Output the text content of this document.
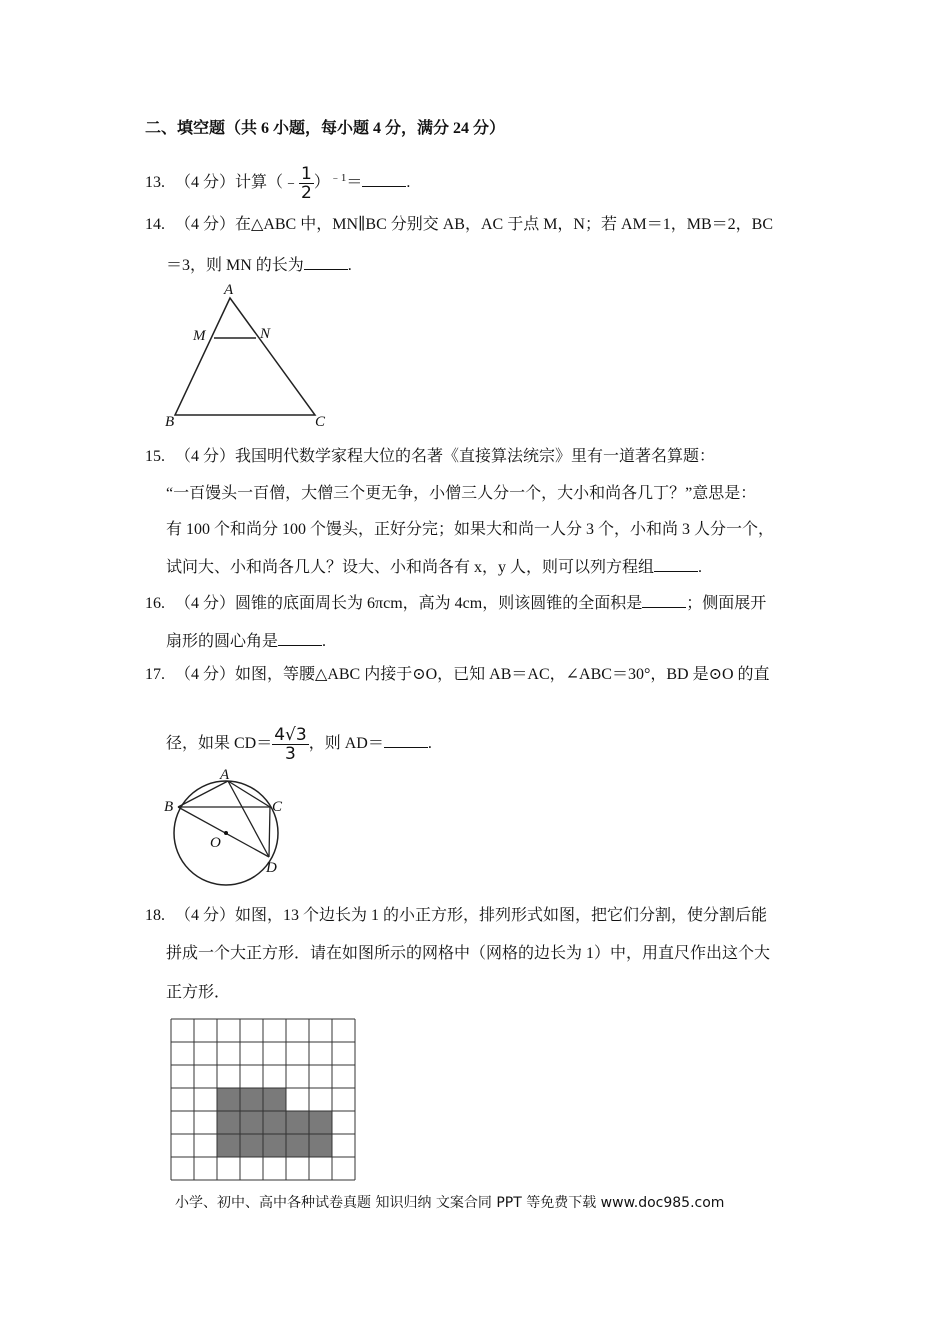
二、填空题（共 6 小题，每小题 4 分，满分 24 分）
13. （4 分）计算（﹣ $\frac{1}{2} )^{﹣1}=$	.
14. （4 分）在△ABC 中，MN∥BC 分别交 AB，AC 于点 M，N；若 AM＝1，MB＝2，BC
＝3，则 MN 的长为	.
A
M	N
B	C
15. （4 分）我国明代数学家程大位的名著《直接算法统宗》里有一道著名算题：
“一百馒头一百僧，大僧三个更无争，小僧三人分一个，大小和尚各几丁？”意思是：
有 100 个和尚分 100 个馒头，正好分完；如果大和尚一人分 3 个，小和尚 3 人分一个，
试问大、小和尚各几人？设大、小和尚各有 x，y 人，则可以列方程组	.
16. （4 分）圆锥的底面周长为 6πcm，高为 4cm，则该圆锥的全面积是	；侧面展开
扇形的圆心角是	.
17. （4 分）如图，等腰△ABC 内接于⊙O，已知 AB＝AC，∠ABC＝30°，BD 是⊙O 的直
径，如果 $CD= \frac{4√3}{3}$ ，则 AD＝	.
A
B	C
O
D
18. （4 分）如图，13 个边长为 1 的小正方形，排列形式如图，把它们分割，使分割后能
拼成一个大正方形．请在如图所示的网格中（网格的边长为 1）中，用直尺作出这个大
正方形．
小学、初中、高中各种试卷真题 知识归纳 文案合同 PPT 等免费下载 www.doc985.com
